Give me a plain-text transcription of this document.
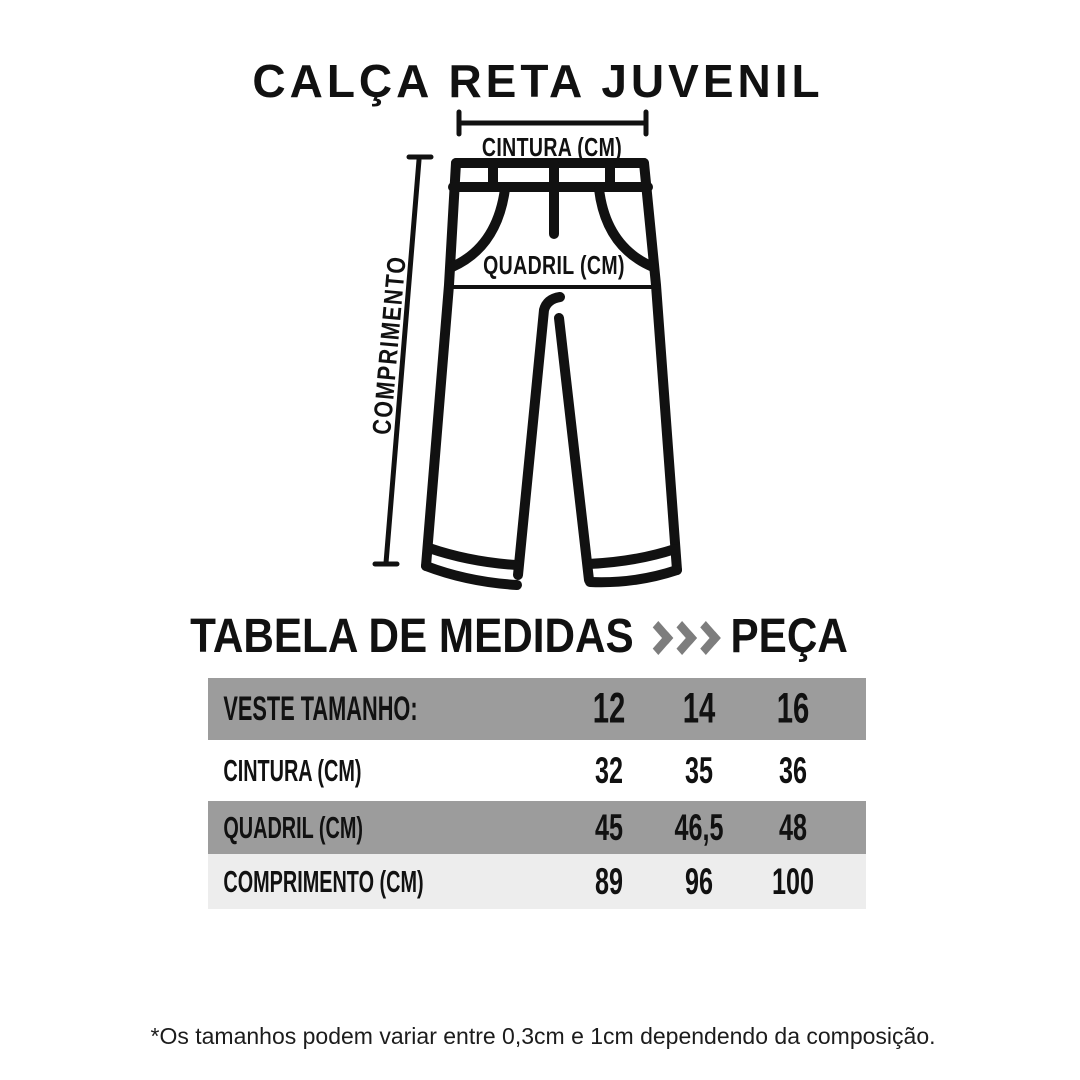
CALÇA RETA JUVENIL
CINTURA (CM)
QUADRIL (CM)
COMPRIMENTO
TABELA DE MEDIDAS PEÇA
VESTE TAMANHO:	12 14 16
CINTURA (CM)	32 35 36
QUADRIL (CM)	45 46,5 48
COMPRIMENTO (CM)	89 96 100
*Os tamanhos podem variar entre 0,3cm e 1cm dependendo da composição.
